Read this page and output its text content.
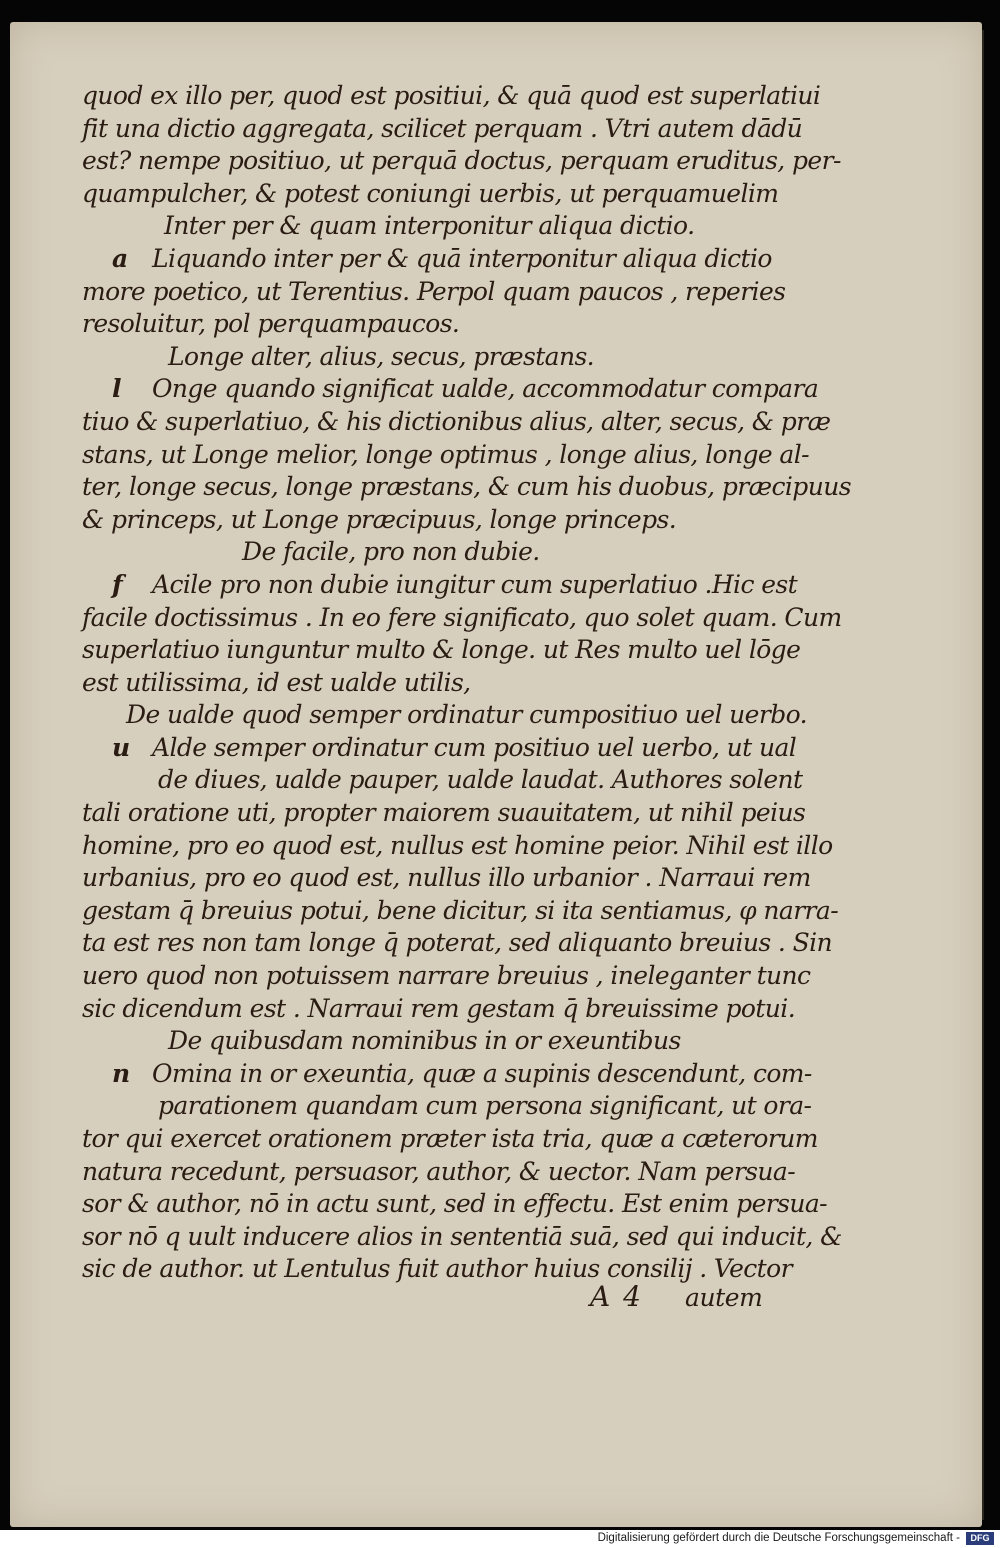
quod ex illo per, quod est positiui, & quā quod est superlatiui
fit una dictio aggregata, scilicet perquam . Vtri autem dādū
est? nempe positiuo, ut perquā doctus, perquam eruditus, per-
quampulcher, & potest coniungi uerbis, ut perquamuelim
Inter per & quam interponitur aliqua dictio.
a Liquando inter per & quā interponitur aliqua dictio
more poetico, ut Terentius. Perpol quam paucos , reperies
resoluitur, pol perquampaucos.
Longe alter, alius, secus, præstans.
l Onge quando significat ualde, accommodatur compara
tiuo & superlatiuo, & his dictionibus alius, alter, secus, & præ
stans, ut Longe melior, longe optimus , longe alius, longe al-
ter, longe secus, longe præstans, & cum his duobus, præcipuus
& princeps, ut Longe præcipuus, longe princeps.
De facile, pro non dubie.
f Acile pro non dubie iungitur cum superlatiuo .Hic est
facile doctissimus . In eo fere significato, quo solet quam. Cum
superlatiuo iunguntur multo & longe. ut Res multo uel lōge
est utilissima, id est ualde utilis,
De ualde quod semper ordinatur cumpositiuo uel uerbo.
u Alde semper ordinatur cum positiuo uel uerbo, ut ual
de diues, ualde pauper, ualde laudat. Authores solent
tali oratione uti, propter maiorem suauitatem, ut nihil peius
homine, pro eo quod est, nullus est homine peior. Nihil est illo
urbanius, pro eo quod est, nullus illo urbanior . Narraui rem
gestam q̄ breuius potui, bene dicitur, si ita sentiamus, φ narra-
ta est res non tam longe q̄ poterat, sed aliquanto breuius . Sin
uero quod non potuissem narrare breuius , ineleganter tunc
sic dicendum est . Narraui rem gestam q̄ breuissime potui.
De quibusdam nominibus in or exeuntibus
n Omina in or exeuntia, quæ a supinis descendunt, com-
parationem quandam cum persona significant, ut ora-
tor qui exercet orationem præter ista tria, quæ a cæterorum
natura recedunt, persuasor, author, & uector. Nam persua-
sor & author, nō in actu sunt, sed in effectu. Est enim persua-
sor nō q uult inducere alios in sententiā suā, sed qui inducit, &
sic de author. ut Lentulus fuit author huius consilij . Vector
A 4 autem
Digitalisierung gefördert durch die Deutsche Forschungsgemeinschaft -	DFG
